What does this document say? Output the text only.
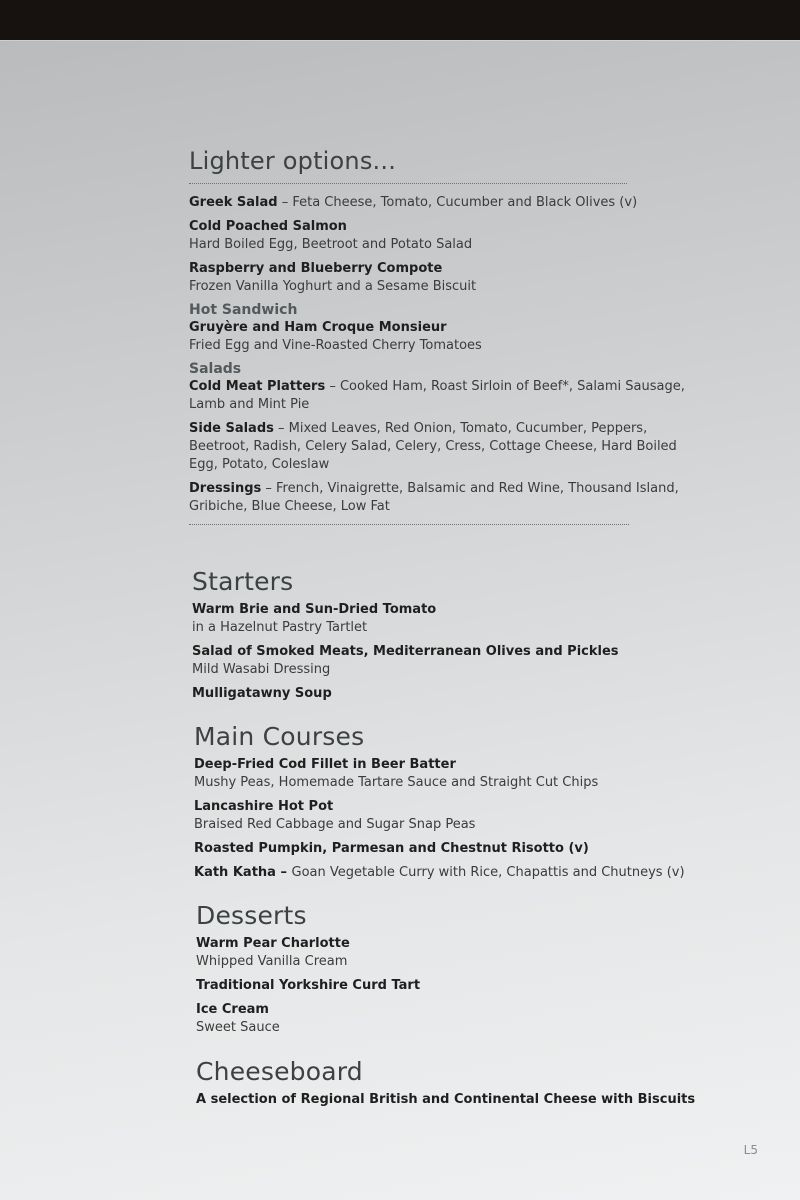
Lighter options...
Greek Salad – Feta Cheese, Tomato, Cucumber and Black Olives (v)
Cold Poached Salmon
Hard Boiled Egg, Beetroot and Potato Salad
Raspberry and Blueberry Compote
Frozen Vanilla Yoghurt and a Sesame Biscuit
Hot Sandwich
Gruyère and Ham Croque Monsieur
Fried Egg and Vine-Roasted Cherry Tomatoes
Salads
Cold Meat Platters – Cooked Ham, Roast Sirloin of Beef*, Salami Sausage, Lamb and Mint Pie
Side Salads – Mixed Leaves, Red Onion, Tomato, Cucumber, Peppers, Beetroot, Radish, Celery Salad, Celery, Cress, Cottage Cheese, Hard Boiled Egg, Potato, Coleslaw
Dressings – French, Vinaigrette, Balsamic and Red Wine, Thousand Island, Gribiche, Blue Cheese, Low Fat
Starters
Warm Brie and Sun-Dried Tomato
in a Hazelnut Pastry Tartlet
Salad of Smoked Meats, Mediterranean Olives and Pickles
Mild Wasabi Dressing
Mulligatawny Soup
Main Courses
Deep-Fried Cod Fillet in Beer Batter
Mushy Peas, Homemade Tartare Sauce and Straight Cut Chips
Lancashire Hot Pot
Braised Red Cabbage and Sugar Snap Peas
Roasted Pumpkin, Parmesan and Chestnut Risotto (v)
Kath Katha – Goan Vegetable Curry with Rice, Chapattis and Chutneys (v)
Desserts
Warm Pear Charlotte
Whipped Vanilla Cream
Traditional Yorkshire Curd Tart
Ice Cream
Sweet Sauce
Cheeseboard
A selection of Regional British and Continental Cheese with Biscuits
L5
